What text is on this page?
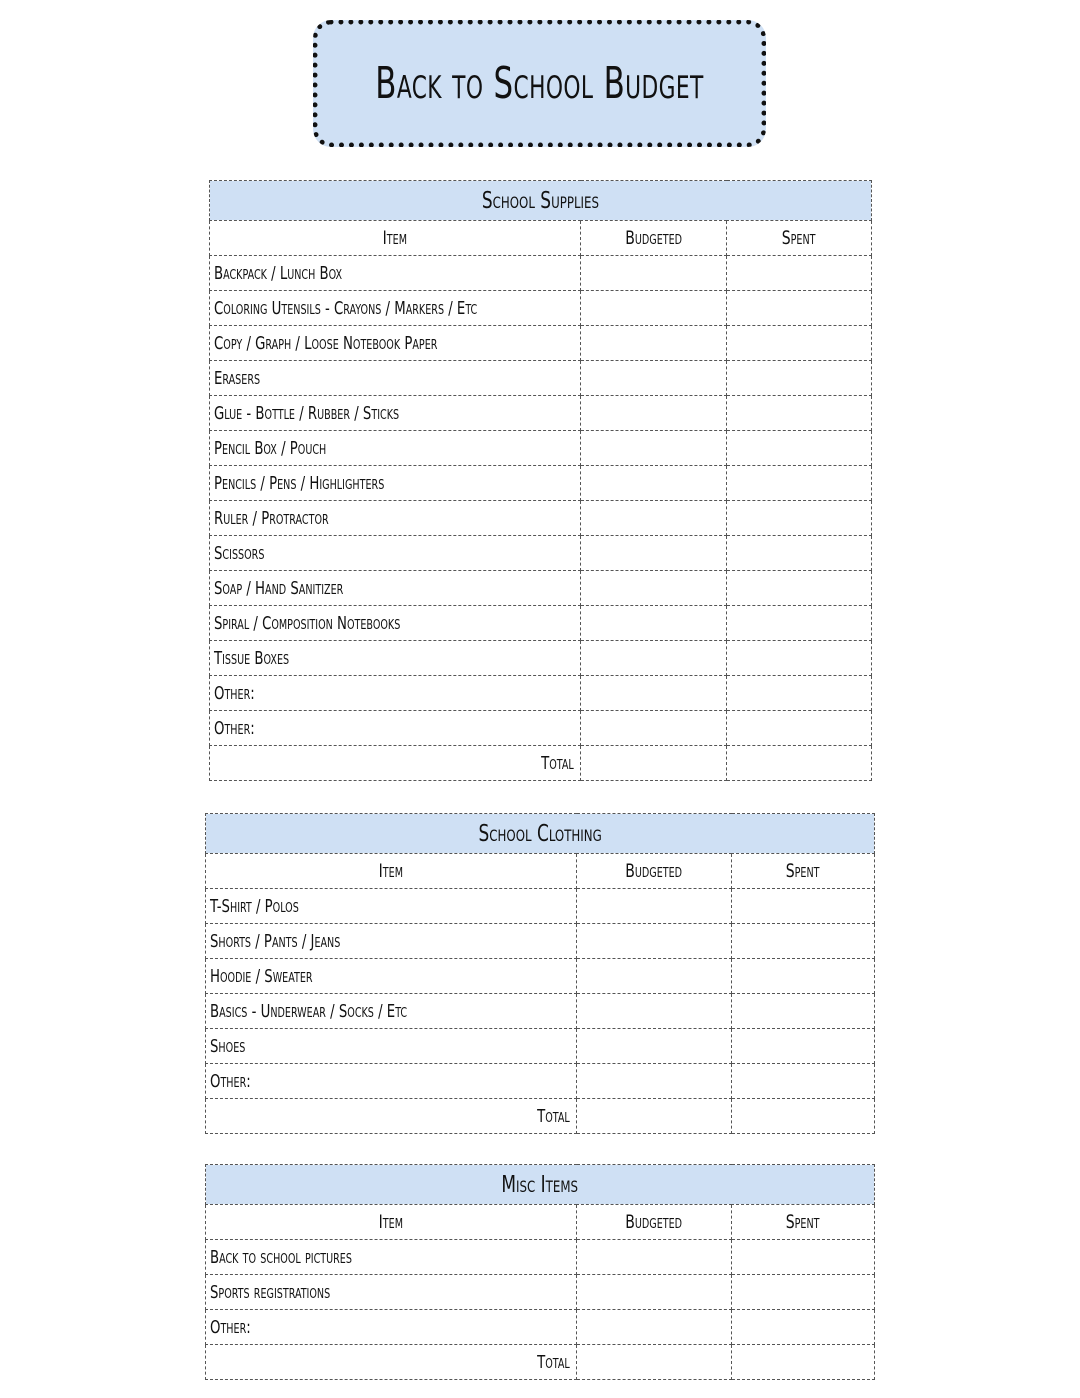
Back to School Budget
School Supplies		
Item	Budgeted	Spent
Backpack / Lunch Box		
Coloring Utensils - Crayons / Markers / Etc		
Copy / Graph / Loose Notebook Paper		
Erasers		
Glue - Bottle / Rubber / Sticks		
Pencil Box / Pouch		
Pencils / Pens / Highlighters		
Ruler / Protractor		
Scissors		
Soap / Hand Sanitizer		
Spiral / Composition Notebooks		
Tissue Boxes		
Other:		
Other:		
Total		
School Clothing		
Item	Budgeted	Spent
T-Shirt / Polos		
Shorts / Pants / Jeans		
Hoodie / Sweater		
Basics - Underwear / Socks / Etc		
Shoes		
Other:		
Total		
Misc Items		
Item	Budgeted	Spent
Back to school pictures		
Sports registrations		
Other:		
Total		
